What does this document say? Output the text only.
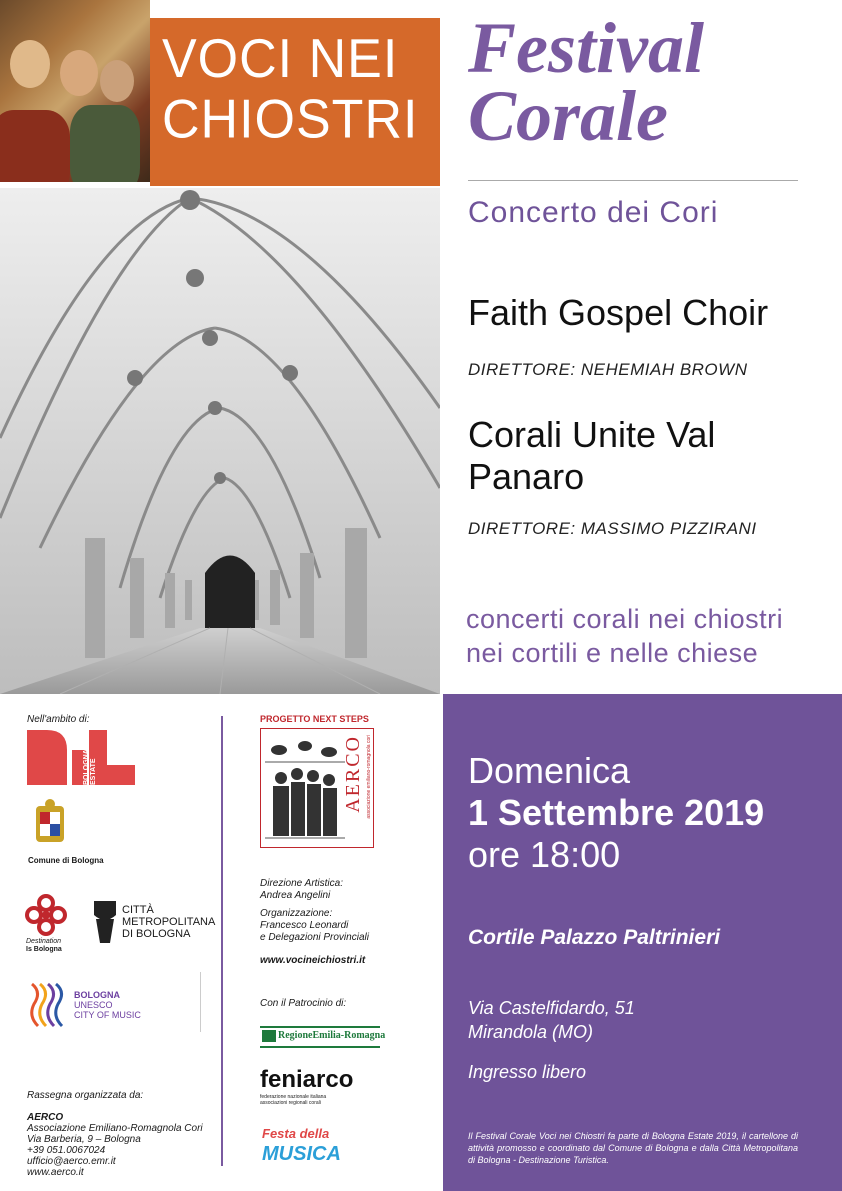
VOCI NEI
CHIOSTRI
Festival
Corale
Concerto dei Cori
Faith Gospel Choir
DIRETTORE: NEHEMIAH BROWN
Corali Unite Val
Panaro
DIRETTORE: MASSIMO PIZZIRANI
concerti corali nei chiostri
nei cortili e nelle chiese
Nell'ambito di:
BOLOGNA ESTATE
Comune di Bologna
Destination
Is Bologna
CITTÀ
METROPOLITANA
DI BOLOGNA
BOLOGNA
UNESCO
CITY OF MUSIC
Rassegna organizzata da:
AERCO
Associazione Emiliano-Romagnola Cori
Via Barberia, 9 – Bologna
+39 051.0067024
ufficio@aerco.emr.it
www.aerco.it
PROGETTO NEXT STEPS
AERCO associazione emiliano-romagnola cori
Direzione Artistica:
Andrea Angelini
Organizzazione:
Francesco Leonardi
e Delegazioni Provinciali
www.vocineichiostri.it
Con il Patrocinio di:
RegioneEmilia-Romagna
feniarco
federazione nazionale italiana
associazioni regionali corali
Festa della
MUSICA
Domenica
1 Settembre 2019
ore 18:00
Cortile Palazzo Paltrinieri
Via Castelfidardo, 51
Mirandola (MO)
Ingresso libero
Il Festival Corale Voci nei Chiostri fa parte di Bologna Estate 2019, il cartellone di attività promosso e coordinato dal Comune di Bologna e dalla Città Metropolitana di Bologna - Destinazione Turistica.
